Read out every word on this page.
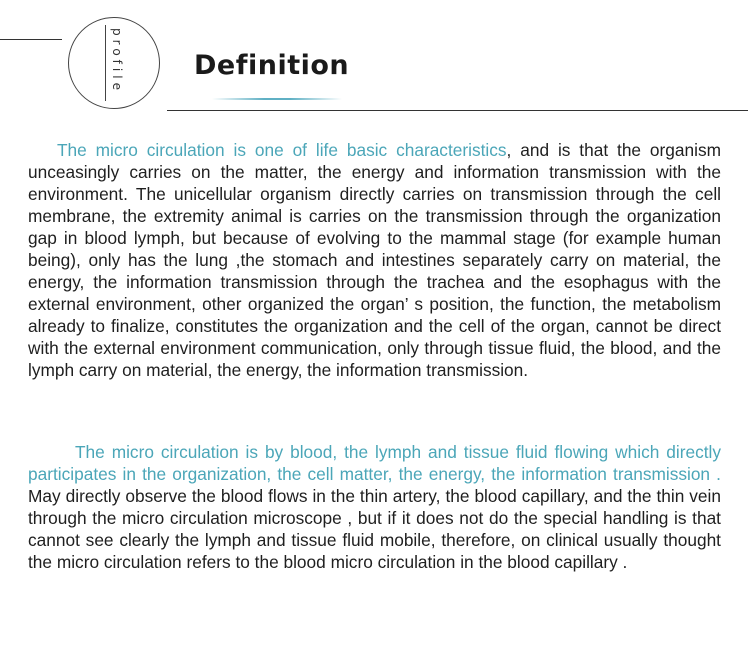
profile	Definition

The micro circulation is one of life basic characteristics, and is that the organism unceasingly carries on the matter, the energy and information transmission with the environment. The unicellular organism directly carries on transmission through the cell membrane, the extremity animal is carries on the transmission through the organization gap in blood lymph, but because of evolving to the mammal stage (for example human being), only has the lung ,the stomach and intestines separately carry on material, the energy, the information transmission through the trachea and the esophagus with the external environment, other organized the organ’ s position, the function, the metabolism already to finalize, constitutes the organization and the cell of the organ, cannot be direct with the external environment communication, only through tissue fluid, the blood, and the lymph carry on material, the energy, the information transmission.

The micro circulation is by blood, the lymph and tissue fluid flowing which directly participates in the organization, the cell matter, the energy, the information transmission . May directly observe the blood flows in the thin artery, the blood capillary, and the thin vein through the micro circulation microscope , but if it does not do the special handling is that cannot see clearly the lymph and tissue fluid mobile, therefore, on clinical usually thought the micro circulation refers to the blood micro circulation in the blood capillary .
